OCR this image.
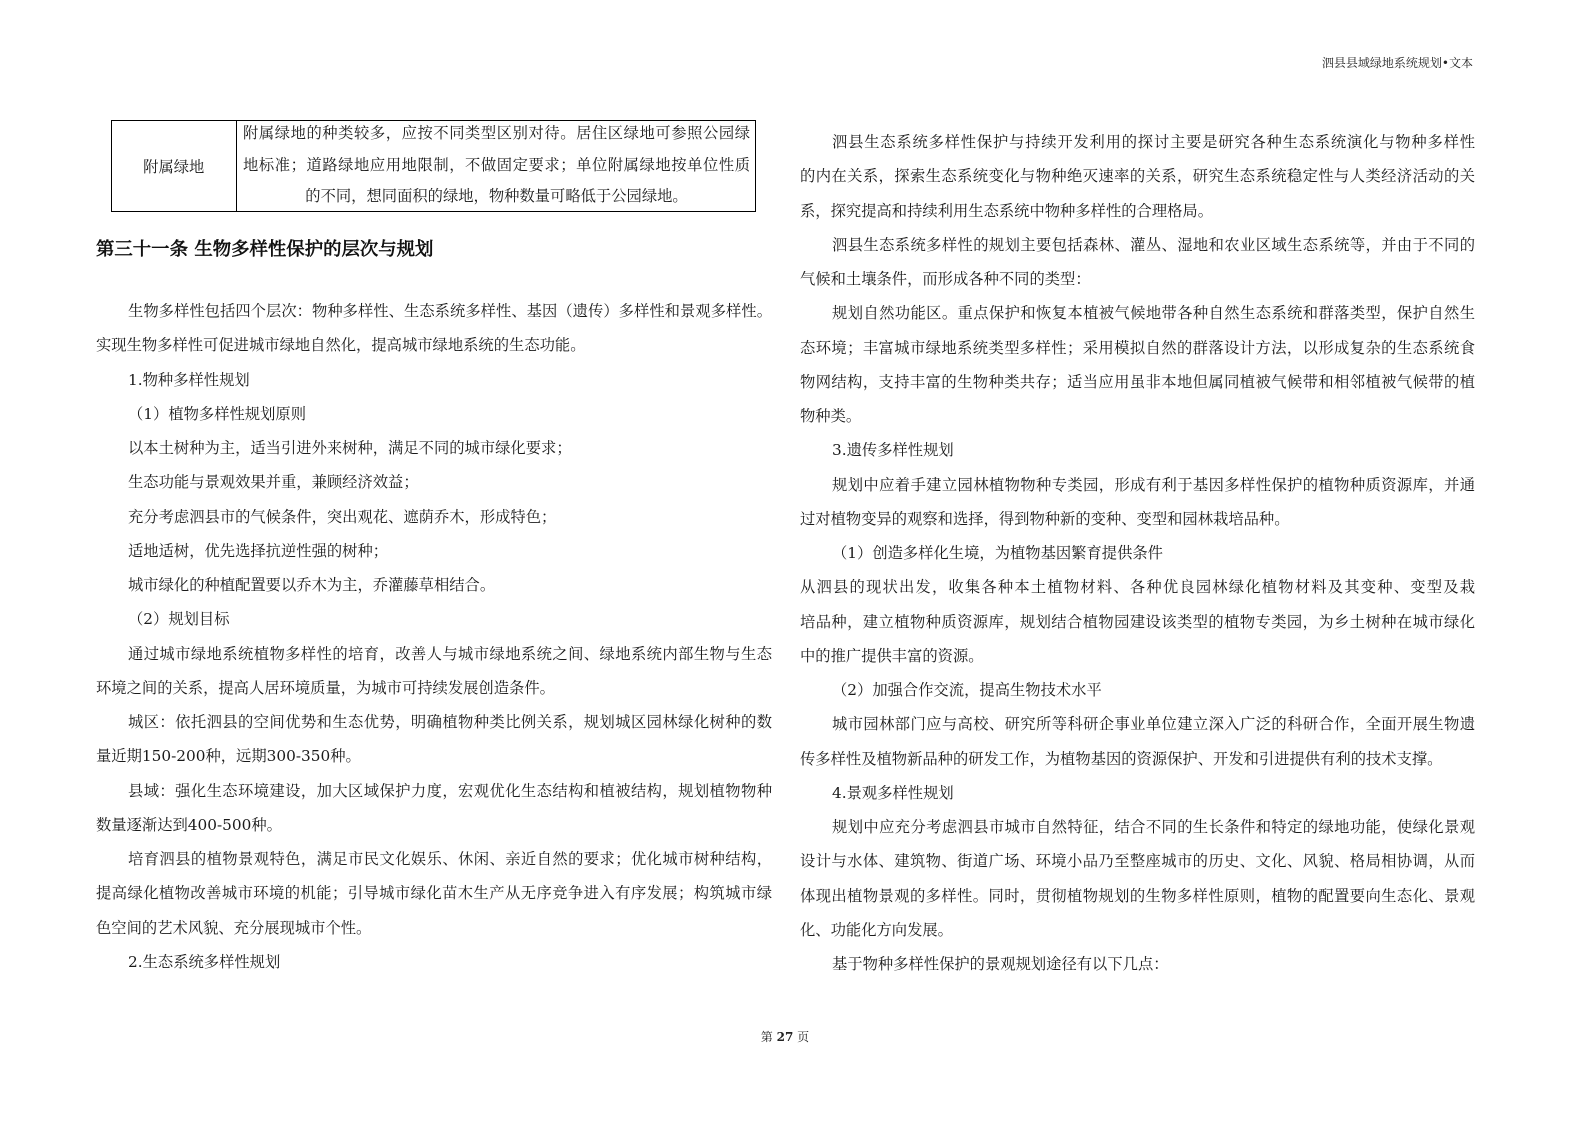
泗县县域绿地系统规划•文本
附属绿地
附属绿地的种类较多，应按不同类型区别对待。居住区绿地可参照公园绿
地标准；道路绿地应用地限制，不做固定要求；单位附属绿地按单位性质
的不同，想同面积的绿地，物种数量可略低于公园绿地。
第三十一条 生物多样性保护的层次与规划
生物多样性包括四个层次：物种多样性、生态系统多样性、基因（遗传）多样性和景观多样性。
实现生物多样性可促进城市绿地自然化，提高城市绿地系统的生态功能。
1.物种多样性规划
（1）植物多样性规划原则
以本土树种为主，适当引进外来树种，满足不同的城市绿化要求；
生态功能与景观效果并重，兼顾经济效益；
充分考虑泗县市的气候条件，突出观花、遮荫乔木，形成特色；
适地适树，优先选择抗逆性强的树种；
城市绿化的种植配置要以乔木为主，乔灌藤草相结合。
（2）规划目标
通过城市绿地系统植物多样性的培育，改善人与城市绿地系统之间、绿地系统内部生物与生态
环境之间的关系，提高人居环境质量，为城市可持续发展创造条件。
城区：依托泗县的空间优势和生态优势，明确植物种类比例关系，规划城区园林绿化树种的数
量近期150-200种，远期300-350种。
县域：强化生态环境建设，加大区域保护力度，宏观优化生态结构和植被结构，规划植物物种
数量逐渐达到400-500种。
培育泗县的植物景观特色，满足市民文化娱乐、休闲、亲近自然的要求；优化城市树种结构，
提高绿化植物改善城市环境的机能；引导城市绿化苗木生产从无序竞争进入有序发展；构筑城市绿
色空间的艺术风貌、充分展现城市个性。
2.生态系统多样性规划
泗县生态系统多样性保护与持续开发利用的探讨主要是研究各种生态系统演化与物种多样性
的内在关系，探索生态系统变化与物种绝灭速率的关系，研究生态系统稳定性与人类经济活动的关
系，探究提高和持续利用生态系统中物种多样性的合理格局。
泗县生态系统多样性的规划主要包括森林、灌丛、湿地和农业区域生态系统等，并由于不同的
气候和土壤条件，而形成各种不同的类型：
规划自然功能区。重点保护和恢复本植被气候地带各种自然生态系统和群落类型，保护自然生
态环境；丰富城市绿地系统类型多样性；采用模拟自然的群落设计方法，以形成复杂的生态系统食
物网结构，支持丰富的生物种类共存；适当应用虽非本地但属同植被气候带和相邻植被气候带的植
物种类。
3.遗传多样性规划
规划中应着手建立园林植物物种专类园，形成有利于基因多样性保护的植物种质资源库，并通
过对植物变异的观察和选择，得到物种新的变种、变型和园林栽培品种。
（1）创造多样化生境，为植物基因繁育提供条件
从泗县的现状出发，收集各种本土植物材料、各种优良园林绿化植物材料及其变种、变型及栽
培品种，建立植物种质资源库，规划结合植物园建设该类型的植物专类园，为乡土树种在城市绿化
中的推广提供丰富的资源。
（2）加强合作交流，提高生物技术水平
城市园林部门应与高校、研究所等科研企事业单位建立深入广泛的科研合作，全面开展生物遗
传多样性及植物新品种的研发工作，为植物基因的资源保护、开发和引进提供有利的技术支撑。
4.景观多样性规划
规划中应充分考虑泗县市城市自然特征，结合不同的生长条件和特定的绿地功能，使绿化景观
设计与水体、建筑物、街道广场、环境小品乃至整座城市的历史、文化、风貌、格局相协调，从而
体现出植物景观的多样性。同时，贯彻植物规划的生物多样性原则，植物的配置要向生态化、景观
化、功能化方向发展。
基于物种多样性保护的景观规划途径有以下几点：
第 27 页
